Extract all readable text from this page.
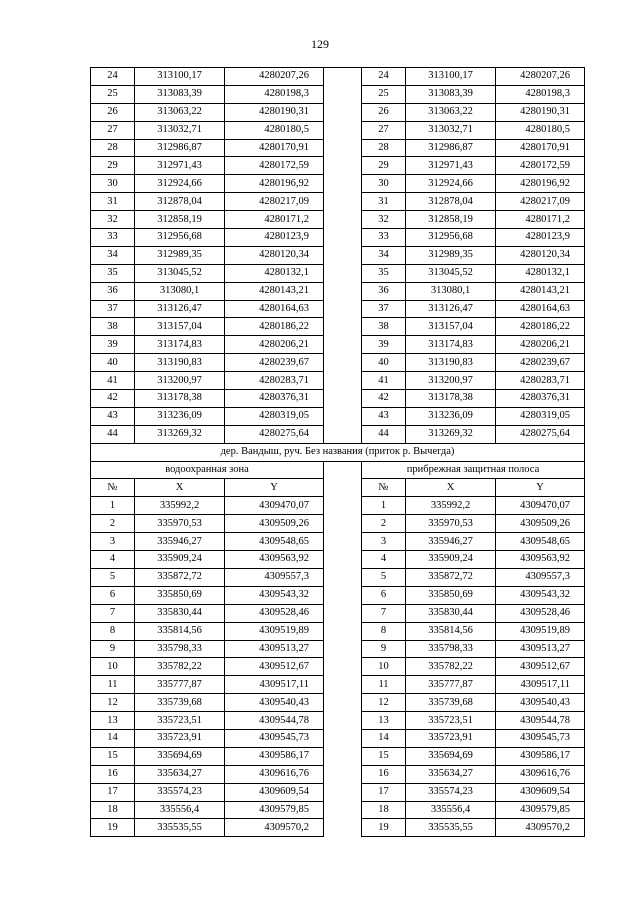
129
24	313100,17	4280207,26		24	313100,17	4280207,26
25	313083,39	4280198,3		25	313083,39	4280198,3
26	313063,22	4280190,31		26	313063,22	4280190,31
27	313032,71	4280180,5		27	313032,71	4280180,5
28	312986,87	4280170,91		28	312986,87	4280170,91
29	312971,43	4280172,59		29	312971,43	4280172,59
30	312924,66	4280196,92		30	312924,66	4280196,92
31	312878,04	4280217,09		31	312878,04	4280217,09
32	312858,19	4280171,2		32	312858,19	4280171,2
33	312956,68	4280123,9		33	312956,68	4280123,9
34	312989,35	4280120,34		34	312989,35	4280120,34
35	313045,52	4280132,1		35	313045,52	4280132,1
36	313080,1	4280143,21		36	313080,1	4280143,21
37	313126,47	4280164,63		37	313126,47	4280164,63
38	313157,04	4280186,22		38	313157,04	4280186,22
39	313174,83	4280206,21		39	313174,83	4280206,21
40	313190,83	4280239,67		40	313190,83	4280239,67
41	313200,97	4280283,71		41	313200,97	4280283,71
42	313178,38	4280376,31		42	313178,38	4280376,31
43	313236,09	4280319,05		43	313236,09	4280319,05
44	313269,32	4280275,64		44	313269,32	4280275,64
дер. Вандыш, руч. Без названия (приток р. Вычегда)						
водоохранная зона				прибрежная защитная полоса		
№	X	Y		№	X	Y
1	335992,2	4309470,07		1	335992,2	4309470,07
2	335970,53	4309509,26		2	335970,53	4309509,26
3	335946,27	4309548,65		3	335946,27	4309548,65
4	335909,24	4309563,92		4	335909,24	4309563,92
5	335872,72	4309557,3		5	335872,72	4309557,3
6	335850,69	4309543,32		6	335850,69	4309543,32
7	335830,44	4309528,46		7	335830,44	4309528,46
8	335814,56	4309519,89		8	335814,56	4309519,89
9	335798,33	4309513,27		9	335798,33	4309513,27
10	335782,22	4309512,67		10	335782,22	4309512,67
11	335777,87	4309517,11		11	335777,87	4309517,11
12	335739,68	4309540,43		12	335739,68	4309540,43
13	335723,51	4309544,78		13	335723,51	4309544,78
14	335723,91	4309545,73		14	335723,91	4309545,73
15	335694,69	4309586,17		15	335694,69	4309586,17
16	335634,27	4309616,76		16	335634,27	4309616,76
17	335574,23	4309609,54		17	335574,23	4309609,54
18	335556,4	4309579,85		18	335556,4	4309579,85
19	335535,55	4309570,2		19	335535,55	4309570,2
